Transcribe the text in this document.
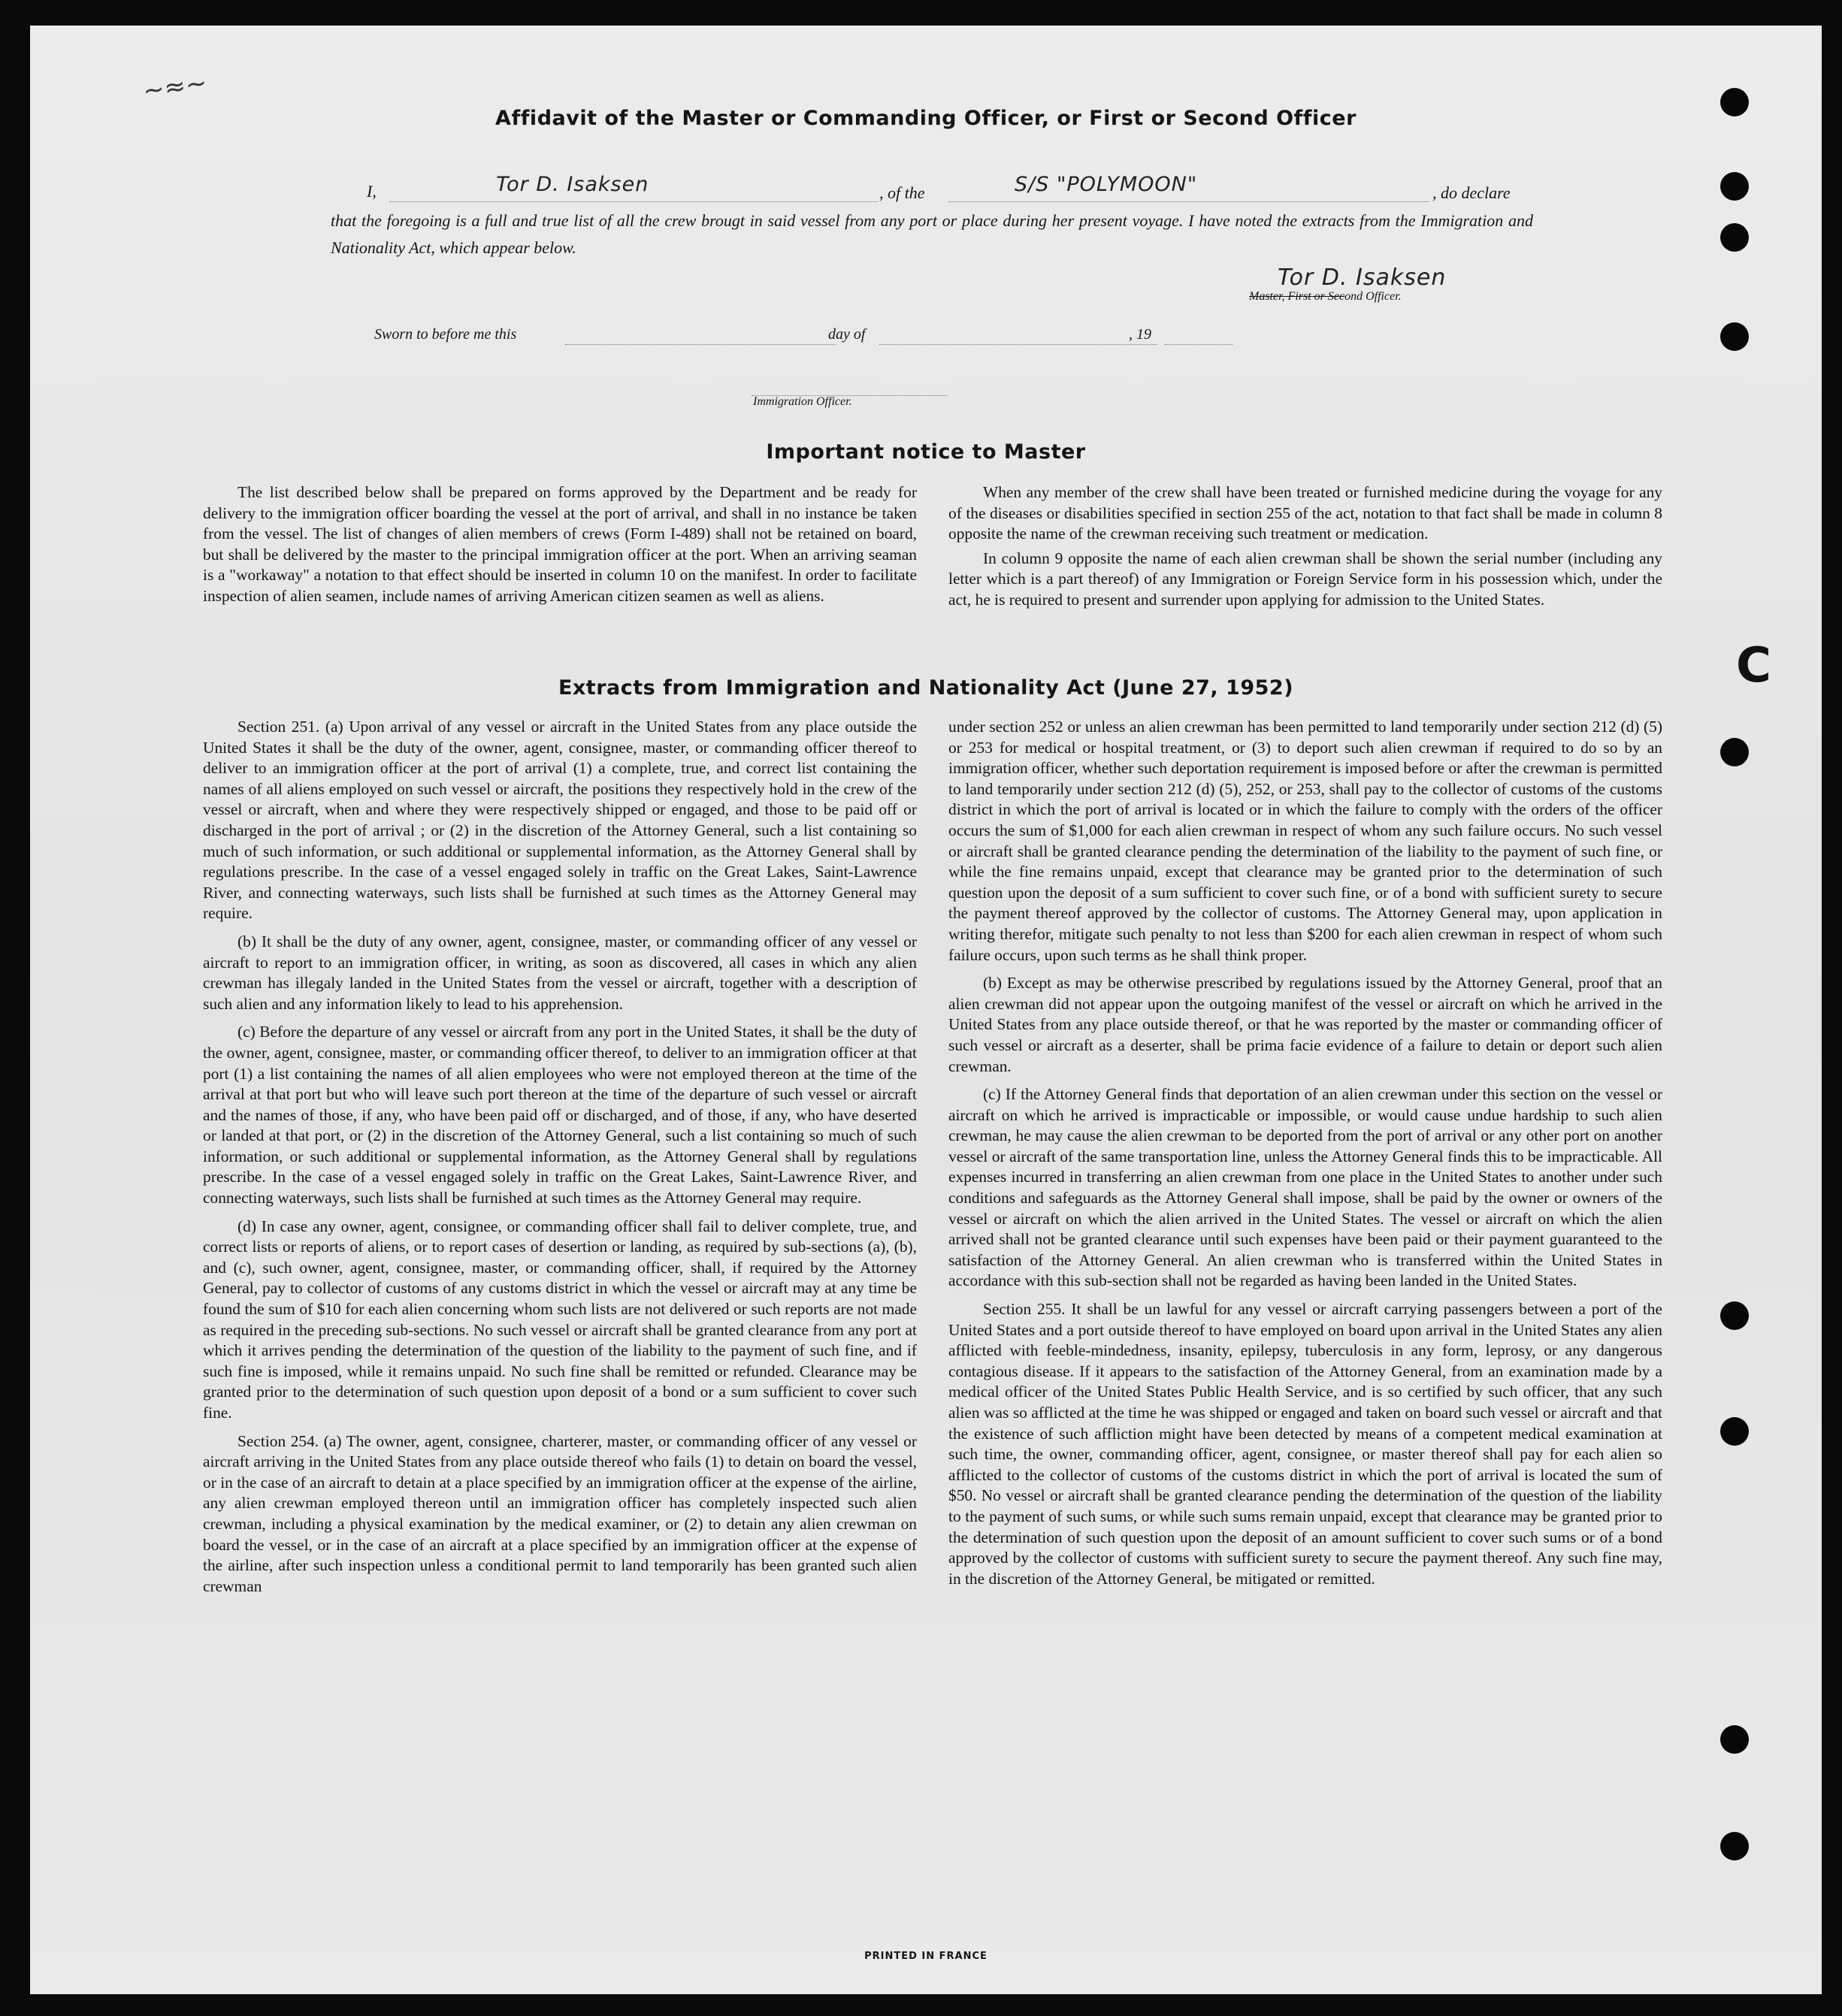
~≈~
Affidavit of the Master or Commanding Officer, or First or Second Officer
I,	Tor D. Isaksen	, of the	S/S "POLYMOON"	, do declare
that the foregoing is a full and true list of all the crew brougt in said vessel from any port or place during her present voyage. I have noted the extracts from the Immigration and Nationality Act, which appear below.
Tor D. Isaksen
Master, First or Second Officer.
Sworn to before me this	day of	, 19
Immigration Officer.
Important notice to Master

The list described below shall be prepared on forms approved by the Department and be ready for delivery to the immigration officer boarding the vessel at the port of arrival, and shall in no instance be taken from the vessel. The list of changes of alien members of crews (Form I-489) shall not be retained on board, but shall be delivered by the master to the principal immigration officer at the port. When an arriving seaman is a "workaway" a notation to that effect should be inserted in column 10 on the manifest. In order to facilitate inspection of alien seamen, include names of arriving American citizen seamen as well as aliens.

When any member of the crew shall have been treated or furnished medicine during the voyage for any of the diseases or disabilities specified in section 255 of the act, notation to that fact shall be made in column 8 opposite the name of the crewman receiving such treatment or medication.

In column 9 opposite the name of each alien crewman shall be shown the serial number (including any letter which is a part thereof) of any Immigration or Foreign Service form in his possession which, under the act, he is required to present and surrender upon applying for admission to the United States.

Extracts from Immigration and Nationality Act (June 27, 1952)

Section 251. (a) Upon arrival of any vessel or aircraft in the United States from any place outside the United States it shall be the duty of the owner, agent, consignee, master, or commanding officer thereof to deliver to an immigration officer at the port of arrival (1) a complete, true, and correct list containing the names of all aliens employed on such vessel or aircraft, the positions they respectively hold in the crew of the vessel or aircraft, when and where they were respectively shipped or engaged, and those to be paid off or discharged in the port of arrival ; or (2) in the discretion of the Attorney General, such a list containing so much of such information, or such additional or supplemental information, as the Attorney General shall by regulations prescribe. In the case of a vessel engaged solely in traffic on the Great Lakes, Saint-Lawrence River, and connecting waterways, such lists shall be furnished at such times as the Attorney General may require.

(b) It shall be the duty of any owner, agent, consignee, master, or commanding officer of any vessel or aircraft to report to an immigration officer, in writing, as soon as discovered, all cases in which any alien crewman has illegaly landed in the United States from the vessel or aircraft, together with a description of such alien and any information likely to lead to his apprehension.

(c) Before the departure of any vessel or aircraft from any port in the United States, it shall be the duty of the owner, agent, consignee, master, or commanding officer thereof, to deliver to an immigration officer at that port (1) a list containing the names of all alien employees who were not employed thereon at the time of the arrival at that port but who will leave such port thereon at the time of the departure of such vessel or aircraft and the names of those, if any, who have been paid off or discharged, and of those, if any, who have deserted or landed at that port, or (2) in the discretion of the Attorney General, such a list containing so much of such information, or such additional or supplemental information, as the Attorney General shall by regulations prescribe. In the case of a vessel engaged solely in traffic on the Great Lakes, Saint-Lawrence River, and connecting waterways, such lists shall be furnished at such times as the Attorney General may require.

(d) In case any owner, agent, consignee, or commanding officer shall fail to deliver complete, true, and correct lists or reports of aliens, or to report cases of desertion or landing, as required by sub-sections (a), (b), and (c), such owner, agent, consignee, master, or commanding officer, shall, if required by the Attorney General, pay to collector of customs of any customs district in which the vessel or aircraft may at any time be found the sum of $10 for each alien concerning whom such lists are not delivered or such reports are not made as required in the preceding sub-sections. No such vessel or aircraft shall be granted clearance from any port at which it arrives pending the determination of the question of the liability to the payment of such fine, and if such fine is imposed, while it remains unpaid. No such fine shall be remitted or refunded. Clearance may be granted prior to the determination of such question upon deposit of a bond or a sum sufficient to cover such fine.

Section 254. (a) The owner, agent, consignee, charterer, master, or commanding officer of any vessel or aircraft arriving in the United States from any place outside thereof who fails (1) to detain on board the vessel, or in the case of an aircraft to detain at a place specified by an immigration officer at the expense of the airline, any alien crewman employed thereon until an immigration officer has completely inspected such alien crewman, including a physical examination by the medical examiner, or (2) to detain any alien crewman on board the vessel, or in the case of an aircraft at a place specified by an immigration officer at the expense of the airline, after such inspection unless a conditional permit to land temporarily has been granted such alien crewman

under section 252 or unless an alien crewman has been permitted to land temporarily under section 212 (d) (5) or 253 for medical or hospital treatment, or (3) to deport such alien crewman if required to do so by an immigration officer, whether such deportation requirement is imposed before or after the crewman is permitted to land temporarily under section 212 (d) (5), 252, or 253, shall pay to the collector of customs of the customs district in which the port of arrival is located or in which the failure to comply with the orders of the officer occurs the sum of $1,000 for each alien crewman in respect of whom any such failure occurs. No such vessel or aircraft shall be granted clearance pending the determination of the liability to the payment of such fine, or while the fine remains unpaid, except that clearance may be granted prior to the determination of such question upon the deposit of a sum sufficient to cover such fine, or of a bond with sufficient surety to secure the payment thereof approved by the collector of customs. The Attorney General may, upon application in writing therefor, mitigate such penalty to not less than $200 for each alien crewman in respect of whom such failure occurs, upon such terms as he shall think proper.

(b) Except as may be otherwise prescribed by regulations issued by the Attorney General, proof that an alien crewman did not appear upon the outgoing manifest of the vessel or aircraft on which he arrived in the United States from any place outside thereof, or that he was reported by the master or commanding officer of such vessel or aircraft as a deserter, shall be prima facie evidence of a failure to detain or deport such alien crewman.

(c) If the Attorney General finds that deportation of an alien crewman under this section on the vessel or aircraft on which he arrived is impracticable or impossible, or would cause undue hardship to such alien crewman, he may cause the alien crewman to be deported from the port of arrival or any other port on another vessel or aircraft of the same transportation line, unless the Attorney General finds this to be impracticable. All expenses incurred in transferring an alien crewman from one place in the United States to another under such conditions and safeguards as the Attorney General shall impose, shall be paid by the owner or owners of the vessel or aircraft on which the alien arrived in the United States. The vessel or aircraft on which the alien arrived shall not be granted clearance until such expenses have been paid or their payment guaranteed to the satisfaction of the Attorney General. An alien crewman who is transferred within the United States in accordance with this sub-section shall not be regarded as having been landed in the United States.

Section 255. It shall be un lawful for any vessel or aircraft carrying passengers between a port of the United States and a port outside thereof to have employed on board upon arrival in the United States any alien afflicted with feeble-mindedness, insanity, epilepsy, tuberculosis in any form, leprosy, or any dangerous contagious disease. If it appears to the satisfaction of the Attorney General, from an examination made by a medical officer of the United States Public Health Service, and is so certified by such officer, that any such alien was so afflicted at the time he was shipped or engaged and taken on board such vessel or aircraft and that the existence of such affliction might have been detected by means of a competent medical examination at such time, the owner, commanding officer, agent, consignee, or master thereof shall pay for each alien so afflicted to the collector of customs of the customs district in which the port of arrival is located the sum of $50. No vessel or aircraft shall be granted clearance pending the determination of the question of the liability to the payment of such sums, or while such sums remain unpaid, except that clearance may be granted prior to the determination of such question upon the deposit of an amount sufficient to cover such sums or of a bond approved by the collector of customs with sufficient surety to secure the payment thereof. Any such fine may, in the discretion of the Attorney General, be mitigated or remitted.

PRINTED IN FRANCE
C
